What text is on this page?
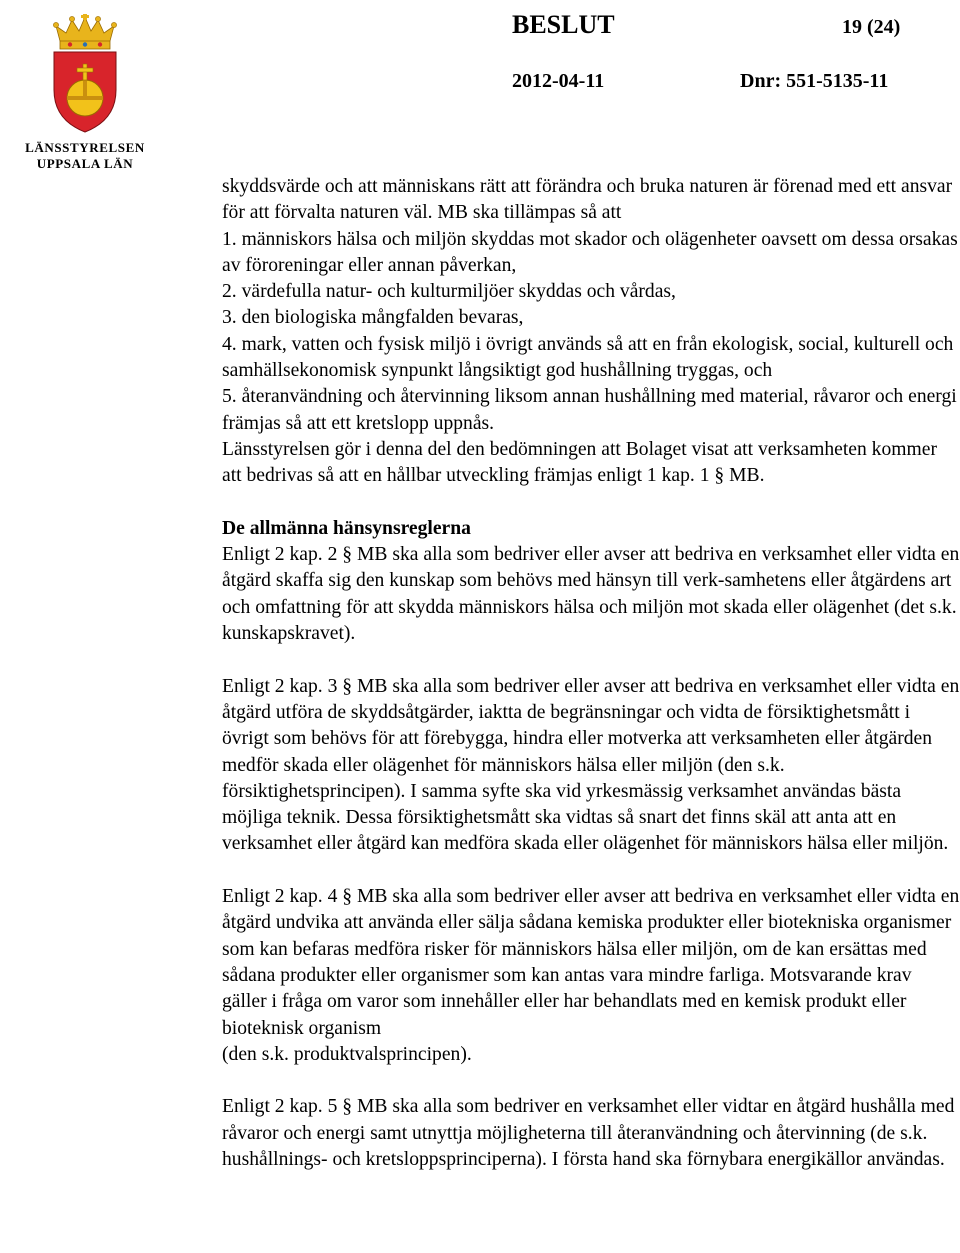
LÄNSSTYRELSEN
UPPSALA LÄN
BESLUT	19 (24)
2012-04-11	Dnr: 551-5135-11

skyddsvärde och att människans rätt att förändra och bruka naturen är förenad med ett ansvar för att förvalta naturen väl. MB ska tillämpas så att

1. människors hälsa och miljön skyddas mot skador och olägenheter oavsett om dessa orsakas av föroreningar eller annan påverkan,

2. värdefulla natur- och kulturmiljöer skyddas och vårdas,

3. den biologiska mångfalden bevaras,

4. mark, vatten och fysisk miljö i övrigt används så att en från ekologisk, social, kulturell och samhällsekonomisk synpunkt långsiktigt god hushållning tryggas, och

5. återanvändning och återvinning liksom annan hushållning med material, råvaror och energi främjas så att ett kretslopp uppnås.

Länsstyrelsen gör i denna del den bedömningen att Bolaget visat att verksamheten kommer att bedrivas så att en hållbar utveckling främjas enligt 1 kap. 1 § MB.

De allmänna hänsynsreglerna

Enligt 2 kap. 2 § MB ska alla som bedriver eller avser att bedriva en verksamhet eller vidta en åtgärd skaffa sig den kunskap som behövs med hänsyn till verk-samhetens eller åtgärdens art och omfattning för att skydda människors hälsa och miljön mot skada eller olägenhet (det s.k. kunskapskravet).

Enligt 2 kap. 3 § MB ska alla som bedriver eller avser att bedriva en verksamhet eller vidta en åtgärd utföra de skyddsåtgärder, iaktta de begränsningar och vidta de försiktighetsmått i övrigt som behövs för att förebygga, hindra eller motverka att verksamheten eller åtgärden medför skada eller olägenhet för människors hälsa eller miljön (den s.k. försiktighetsprincipen). I samma syfte ska vid yrkesmässig verksamhet användas bästa möjliga teknik. Dessa försiktighetsmått ska vidtas så snart det finns skäl att anta att en verksamhet eller åtgärd kan medföra skada eller olägenhet för människors hälsa eller miljön.

Enligt 2 kap. 4 § MB ska alla som bedriver eller avser att bedriva en verksamhet eller vidta en åtgärd undvika att använda eller sälja sådana kemiska produkter eller biotekniska organismer som kan befaras medföra risker för människors hälsa eller miljön, om de kan ersättas med sådana produkter eller organismer som kan antas vara mindre farliga. Motsvarande krav gäller i fråga om varor som innehåller eller har behandlats med en kemisk produkt eller bioteknisk organism

(den s.k. produktvalsprincipen).

Enligt 2 kap. 5 § MB ska alla som bedriver en verksamhet eller vidtar en åtgärd hushålla med råvaror och energi samt utnyttja möjligheterna till återanvändning och återvinning (de s.k. hushållnings- och kretsloppsprinciperna). I första hand ska förnybara energikällor användas.
